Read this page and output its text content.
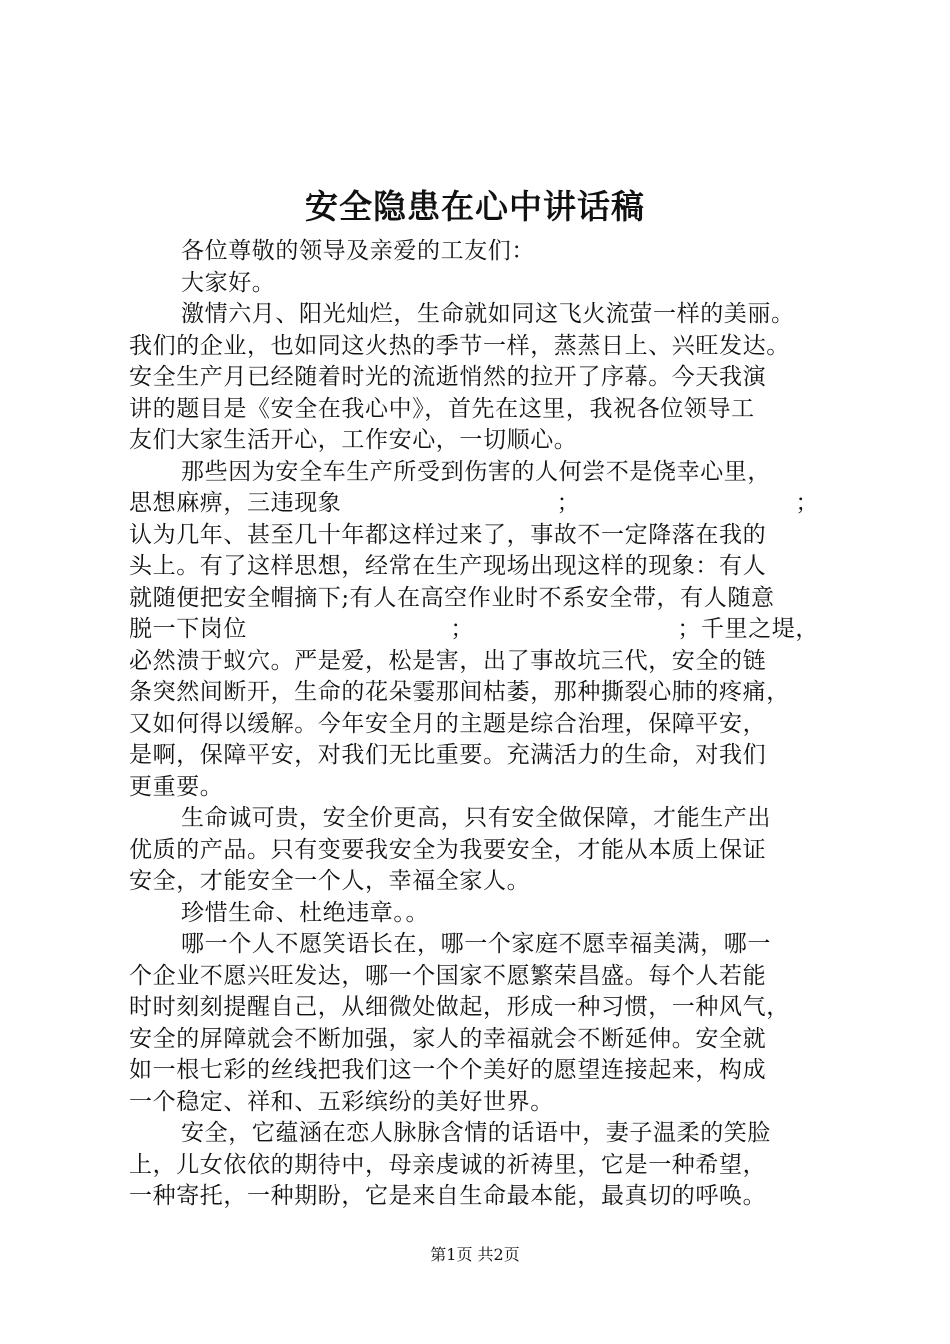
安全隐患在心中讲话稿
各位尊敬的领导及亲爱的工友们：
大家好。
激情六月、阳光灿烂，生命就如同这飞火流萤一样的美丽。
我们的企业，也如同这火热的季节一样，蒸蒸日上、兴旺发达。
安全生产月已经随着时光的流逝悄然的拉开了序幕。今天我演
讲的题目是《安全在我心中》，首先在这里，我祝各位领导工
友们大家生活开心，工作安心，一切顺心。
那些因为安全车生产所受到伤害的人何尝不是侥幸心里，
思想麻痹，三违现象	；	；
认为几年、甚至几十年都这样过来了，事故不一定降落在我的
头上。有了这样思想，经常在生产现场出现这样的现象：有人
就随便把安全帽摘下;有人在高空作业时不系安全带，有人随意
脱一下岗位	；	；千里之堤，
必然溃于蚁穴。严是爱，松是害，出了事故坑三代，安全的链
条突然间断开，生命的花朵霎那间枯萎，那种撕裂心肺的疼痛，
又如何得以缓解。今年安全月的主题是综合治理，保障平安，
是啊，保障平安，对我们无比重要。充满活力的生命，对我们
更重要。
生命诚可贵，安全价更高，只有安全做保障，才能生产出
优质的产品。只有变要我安全为我要安全，才能从本质上保证
安全，才能安全一个人，幸福全家人。
珍惜生命、杜绝违章。。
哪一个人不愿笑语长在，哪一个家庭不愿幸福美满，哪一
个企业不愿兴旺发达，哪一个国家不愿繁荣昌盛。每个人若能
时时刻刻提醒自己，从细微处做起，形成一种习惯，一种风气，
安全的屏障就会不断加强，家人的幸福就会不断延伸。安全就
如一根七彩的丝线把我们这一个个美好的愿望连接起来，构成
一个稳定、祥和、五彩缤纷的美好世界。
安全，它蕴涵在恋人脉脉含情的话语中，妻子温柔的笑脸
上，儿女依依的期待中，母亲虔诚的祈祷里，它是一种希望，
一种寄托，一种期盼，它是来自生命最本能，最真切的呼唤。
第1页 共2页
